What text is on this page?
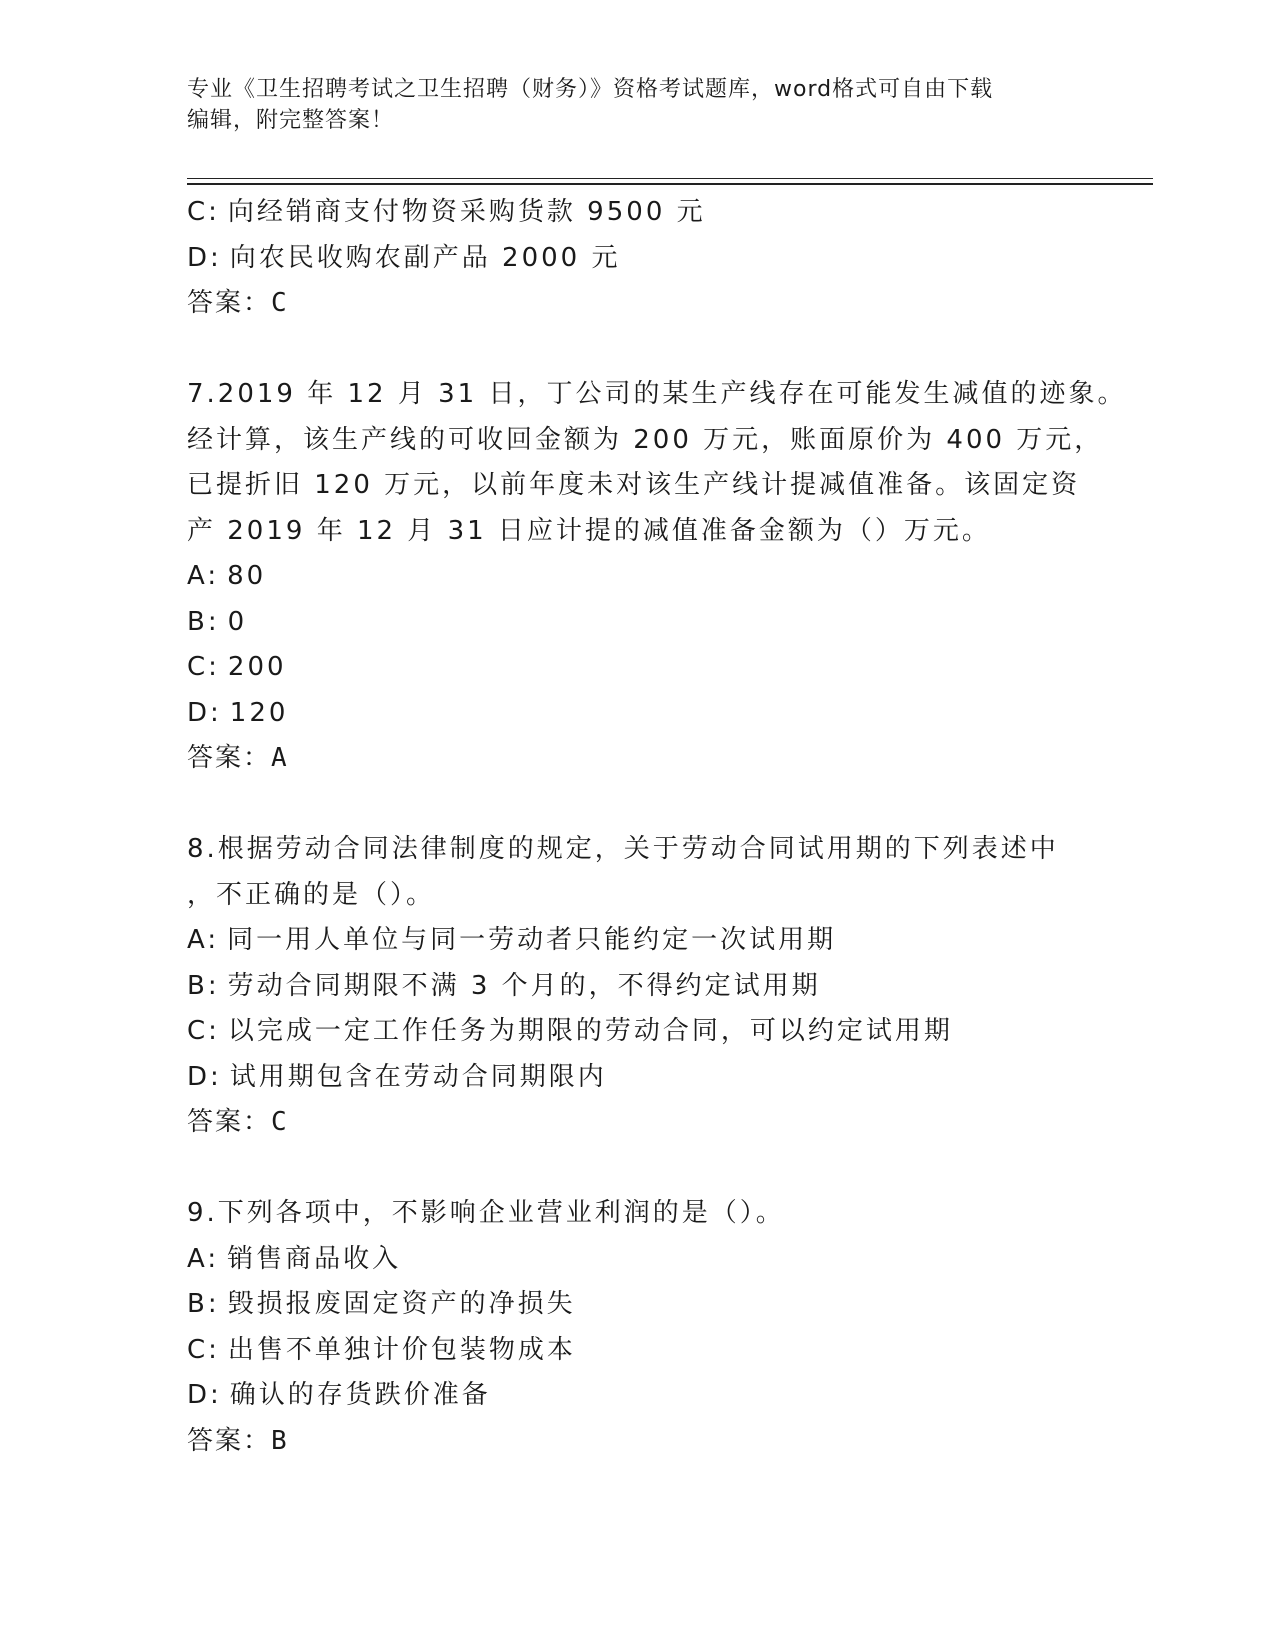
专业《卫生招聘考试之卫生招聘（财务）》资格考试题库，word格式可自由下载
编辑，附完整答案！
C: 向经销商支付物资采购货款 9500 元
D: 向农民收购农副产品 2000 元
答案：C
7.2019 年 12 月 31 日，丁公司的某生产线存在可能发生减值的迹象。
经计算，该生产线的可收回金额为 200 万元，账面原价为 400 万元，
已提折旧 120 万元，以前年度未对该生产线计提减值准备。该固定资
产 2019 年 12 月 31 日应计提的减值准备金额为（）万元。
A: 80
B: 0
C: 200
D: 120
答案：A
8.根据劳动合同法律制度的规定，关于劳动合同试用期的下列表述中
，不正确的是（）。
A: 同一用人单位与同一劳动者只能约定一次试用期
B: 劳动合同期限不满 3 个月的，不得约定试用期
C: 以完成一定工作任务为期限的劳动合同，可以约定试用期
D: 试用期包含在劳动合同期限内
答案：C
9.下列各项中，不影响企业营业利润的是（）。
A: 销售商品收入
B: 毁损报废固定资产的净损失
C: 出售不单独计价包装物成本
D: 确认的存货跌价准备
答案：B
